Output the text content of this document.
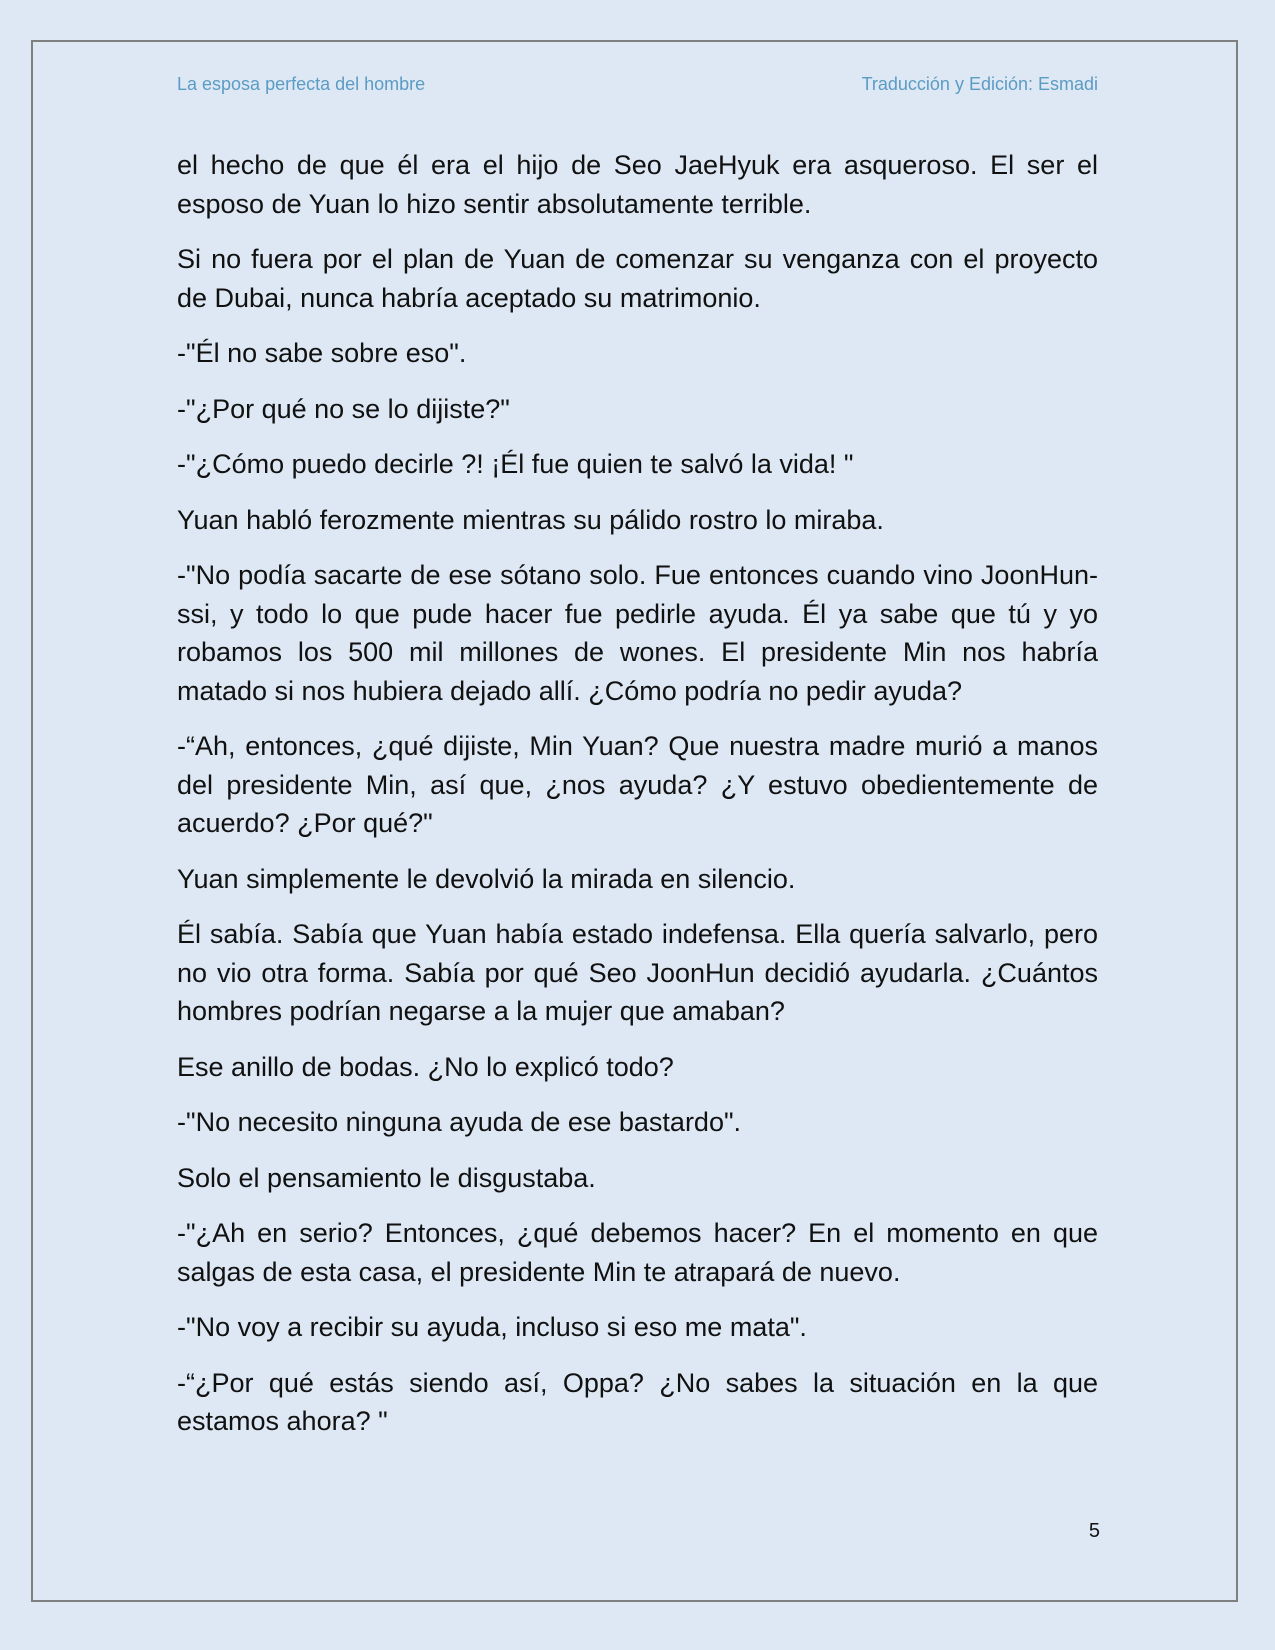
La esposa perfecta del hombre	Traducción y Edición: Esmadi

el hecho de que él era el hijo de Seo JaeHyuk era asqueroso. El ser el esposo de Yuan lo hizo sentir absolutamente terrible.

Si no fuera por el plan de Yuan de comenzar su venganza con el proyecto de Dubai, nunca habría aceptado su matrimonio.

-"Él no sabe sobre eso".

-"¿Por qué no se lo dijiste?"

-"¿Cómo puedo decirle ?! ¡Él fue quien te salvó la vida! "

Yuan habló ferozmente mientras su pálido rostro lo miraba.

-"No podía sacarte de ese sótano solo. Fue entonces cuando vino JoonHun-ssi, y todo lo que pude hacer fue pedirle ayuda. Él ya sabe que tú y yo robamos los 500 mil millones de wones. El presidente Min nos habría matado si nos hubiera dejado allí. ¿Cómo podría no pedir ayuda?

-“Ah, entonces, ¿qué dijiste, Min Yuan? Que nuestra madre murió a manos del presidente Min, así que, ¿nos ayuda? ¿Y estuvo obedientemente de acuerdo? ¿Por qué?"

Yuan simplemente le devolvió la mirada en silencio.

Él sabía. Sabía que Yuan había estado indefensa. Ella quería salvarlo, pero no vio otra forma. Sabía por qué Seo JoonHun decidió ayudarla. ¿Cuántos hombres podrían negarse a la mujer que amaban?

Ese anillo de bodas. ¿No lo explicó todo?

-"No necesito ninguna ayuda de ese bastardo".

Solo el pensamiento le disgustaba.

-"¿Ah en serio? Entonces, ¿qué debemos hacer? En el momento en que salgas de esta casa, el presidente Min te atrapará de nuevo.

-"No voy a recibir su ayuda, incluso si eso me mata".

-“¿Por qué estás siendo así, Oppa? ¿No sabes la situación en la que estamos ahora? "

5
